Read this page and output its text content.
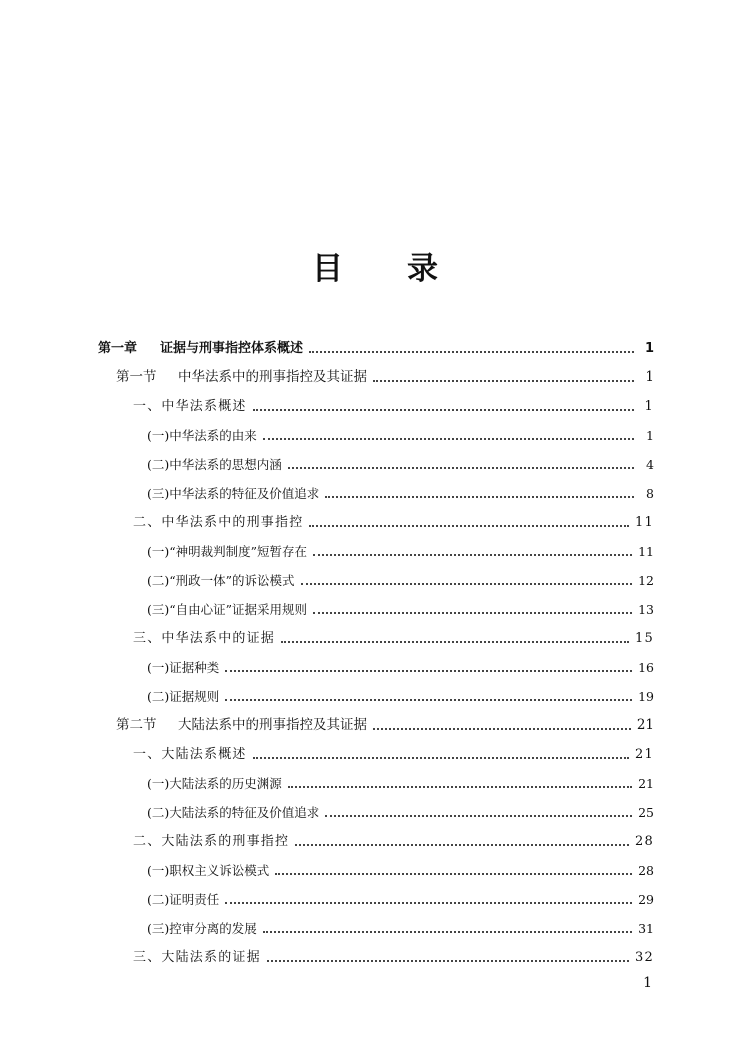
目 录
第一章 证据与刑事指控体系概述	1
第一节 中华法系中的刑事指控及其证据	1
一、中华法系概述	1
(一)中华法系的由来	1
(二)中华法系的思想内涵	4
(三)中华法系的特征及价值追求	8
二、中华法系中的刑事指控	11
(一)“神明裁判制度”短暂存在	11
(二)“刑政一体”的诉讼模式	12
(三)“自由心证”证据采用规则	13
三、中华法系中的证据	15
(一)证据种类	16
(二)证据规则	19
第二节 大陆法系中的刑事指控及其证据	21
一、大陆法系概述	21
(一)大陆法系的历史渊源	21
(二)大陆法系的特征及价值追求	25
二、大陆法系的刑事指控	28
(一)职权主义诉讼模式	28
(二)证明责任	29
(三)控审分离的发展	31
三、大陆法系的证据	32
1
